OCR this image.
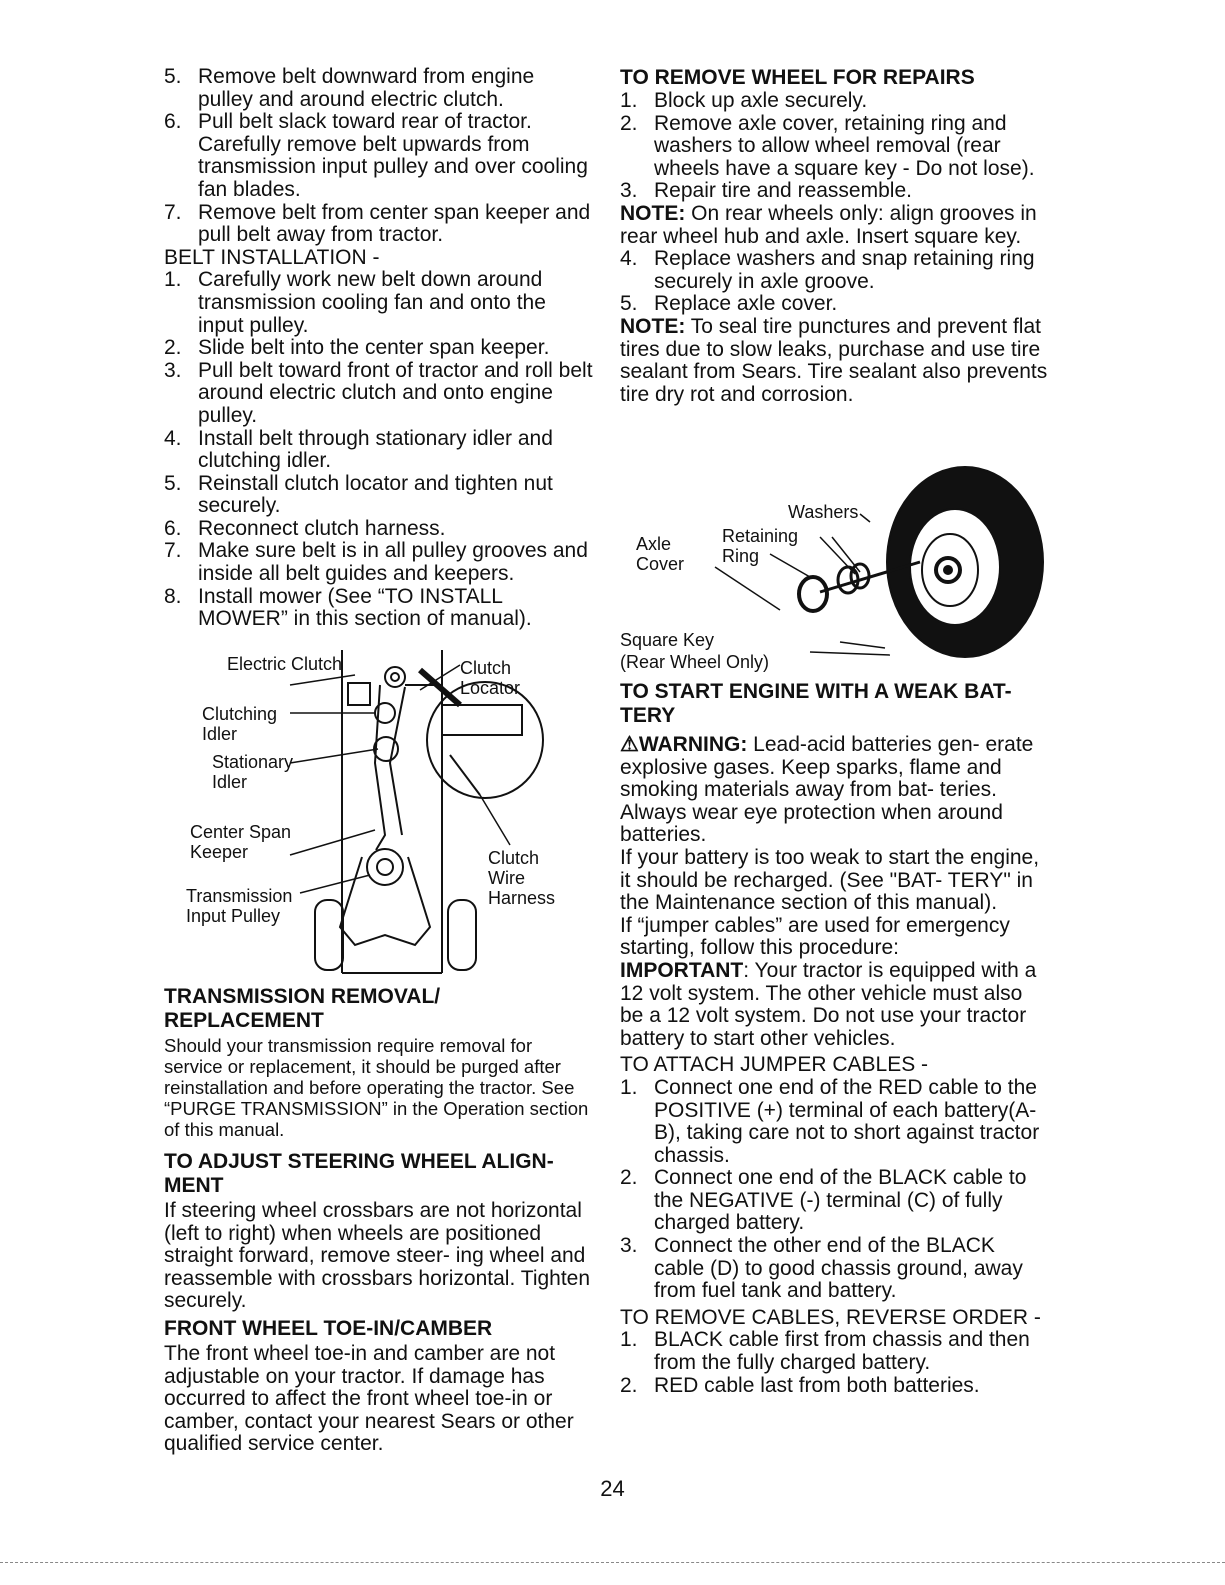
5. Remove belt downward from engine pulley and around electric clutch.
6. Pull belt slack toward rear of tractor. Carefully remove belt upwards from transmission input pulley and over cooling fan blades.
7. Remove belt from center span keeper and pull belt away from tractor.
BELT INSTALLATION -
1. Carefully work new belt down around transmission cooling fan and onto the input pulley.
2. Slide belt into the center span keeper.
3. Pull belt toward front of tractor and roll belt around electric clutch and onto engine pulley.
4. Install belt through stationary idler and clutching idler.
5. Reinstall clutch locator and tighten nut securely.
6. Reconnect clutch harness.
7. Make sure belt is in all pulley grooves and inside all belt guides and keepers.
8. Install mower (See “TO INSTALL MOWER” in this section of manual).
Electric Clutch	Clutch Locator
Clutching Idler
Stationary Idler
Center Span Keeper	Clutch Wire Harness
Transmission Input Pulley
TRANSMISSION REMOVAL/ REPLACEMENT
Should your transmission require removal for service or replacement, it should be purged after reinstallation and before operating the tractor. See “PURGE TRANSMISSION” in the Operation section of this manual.
TO ADJUST STEERING WHEEL ALIGN- MENT
If steering wheel crossbars are not horizontal (left to right) when wheels are positioned straight forward, remove steer- ing wheel and reassemble with crossbars horizontal. Tighten securely.
FRONT WHEEL TOE-IN/CAMBER
The front wheel toe-in and camber are not adjustable on your tractor. If damage has occurred to affect the front wheel toe-in or camber, contact your nearest Sears or other qualified service center.
TO REMOVE WHEEL FOR REPAIRS
1. Block up axle securely.
2. Remove axle cover, retaining ring and washers to allow wheel removal (rear wheels have a square key - Do not lose).
3. Repair tire and reassemble.
NOTE: On rear wheels only: align grooves in rear wheel hub and axle. Insert square key.
4. Replace washers and snap retaining ring securely in axle groove.
5. Replace axle cover.
NOTE: To seal tire punctures and prevent flat tires due to slow leaks, purchase and use tire sealant from Sears. Tire sealant also prevents tire dry rot and corrosion.
Washers
Axle Cover
Retaining Ring
Square Key
(Rear Wheel Only)
TO START ENGINE WITH A WEAK BAT- TERY
⚠WARNING: Lead-acid batteries gen- erate explosive gases. Keep sparks, flame and smoking materials away from bat- teries. Always wear eye protection when around batteries.
If your battery is too weak to start the engine, it should be recharged. (See "BAT- TERY" in the Maintenance section of this manual).
If “jumper cables” are used for emergency starting, follow this procedure:
IMPORTANT: Your tractor is equipped with a 12 volt system. The other vehicle must also be a 12 volt system. Do not use your tractor battery to start other vehicles.
TO ATTACH JUMPER CABLES -
1. Connect one end of the RED cable to the POSITIVE (+) terminal of each battery(A-B), taking care not to short against tractor chassis.
2. Connect one end of the BLACK cable to the NEGATIVE (-) terminal (C) of fully charged battery.
3. Connect the other end of the BLACK cable (D) to good chassis ground, away from fuel tank and battery.
TO REMOVE CABLES, REVERSE ORDER -
1. BLACK cable first from chassis and then from the fully charged battery.
2. RED cable last from both batteries.
24
